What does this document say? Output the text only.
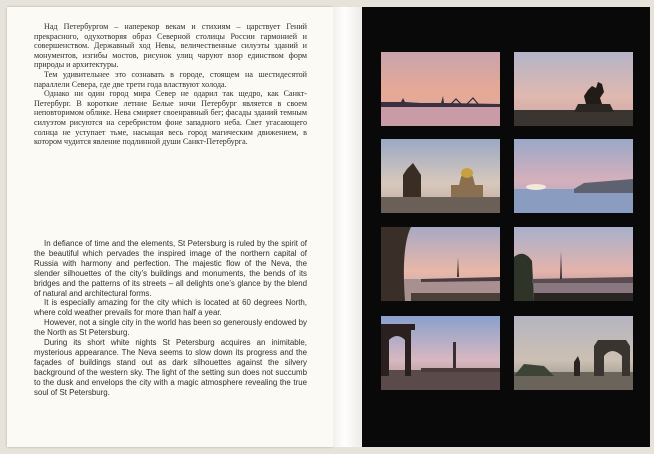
Над Петербургом – наперекор векам и стихиям – царствует Гений прекрасного, одухотворяя образ Северной столицы России гармонией и совершенством. Державный ход Невы, величественные силуэты зданий и монументов, изгибы мостов, рисунок улиц чаруют взор единством форм природы и архитектуры.

Тем удивительнее это сознавать в городе, стоящем на шестидесятой параллели Севера, где две трети года властвуют холода.

Однако ни один город мира Север не одарил так щедро, как Санкт-Петербург. В короткие летние Белые ночи Петербург является в своем неповторимом облике. Нева смиряет своенравный бег; фасады зданий темным силуэтом рисуются на серебристом фоне западного неба. Свет угасающего солнца не уступает тьме, насыщая весь город магическим движением, в котором чудится явление подлинной души Санкт-Петербурга.

In defiance of time and the elements, St Petersburg is ruled by the spirit of the beautiful which pervades the inspired image of the northern capital of Russia with harmony and perfection. The majestic flow of the Neva, the slender silhouettes of the city’s buildings and monuments, the bends of its bridges and the patterns of its streets – all delights one’s glance by the blend of natural and architectural forms.

It is especially amazing for the city which is located at 60 degrees North, where cold weather prevails for more than half a year.

However, not a single city in the world has been so generously endowed by the North as St Petersburg.

During its short white nights St Petersburg acquires an inimitable, mysterious appearance. The Neva seems to slow down its progress and the façades of buildings stand out as dark silhouettes against the silvery background of the western sky. The light of the setting sun does not succumb to the dusk and envelops the city with a magic atmosphere revealing the true soul of St Petersburg.
